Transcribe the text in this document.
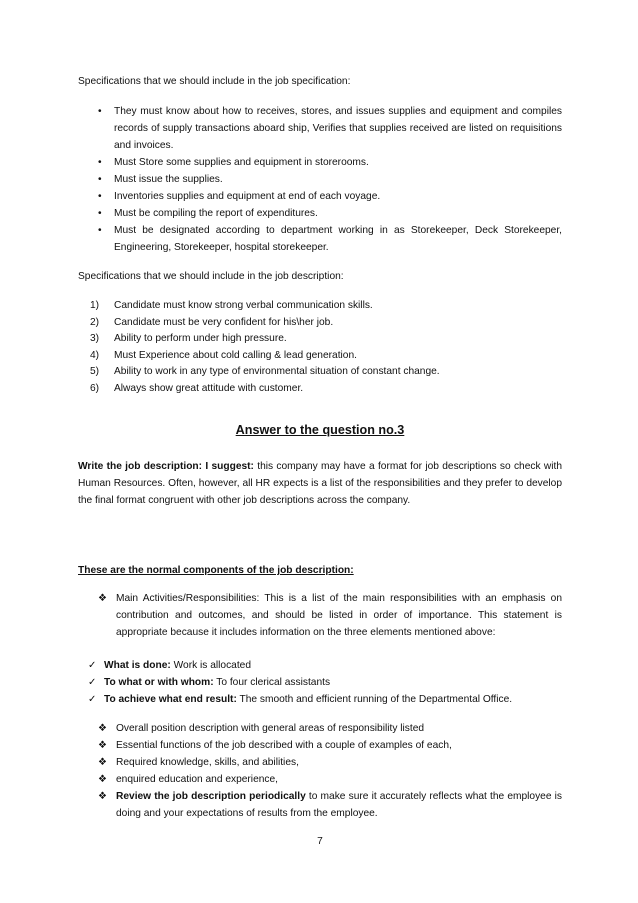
Specifications that we should include in the job specification:

•	They must know about how to receives, stores, and issues supplies and equipment and compiles records of supply transactions aboard ship, Verifies that supplies received are listed on requisitions and invoices.
•	Must Store some supplies and equipment in storerooms.
•	Must issue the supplies.
•	Inventories supplies and equipment at end of each voyage.
•	Must be compiling the report of expenditures.
•	Must be designated according to department working in as Storekeeper, Deck Storekeeper, Engineering, Storekeeper, hospital storekeeper.

Specifications that we should include in the job description:

1) Candidate must know strong verbal communication skills.
2) Candidate must be very confident for his\her job.
3) Ability to perform under high pressure.
4) Must Experience about cold calling & lead generation.
5) Ability to work in any type of environmental situation of constant change.
6) Always show great attitude with customer.
Answer to the question no.3

Write the job description: I suggest: this company may have a format for job descriptions so check with Human Resources. Often, however, all HR expects is a list of the responsibilities and they prefer to develop the final format congruent with other job descriptions across the company.

These are the normal components of the job description:

❖ Main Activities/Responsibilities: This is a list of the main responsibilities with an emphasis on contribution and outcomes, and should be listed in order of importance. This statement is appropriate because it includes information on the three elements mentioned above:
✓ What is done: Work is allocated
✓ To what or with whom: To four clerical assistants
✓ To achieve what end result: The smooth and efficient running of the Departmental Office.
❖ Overall position description with general areas of responsibility listed
❖ Essential functions of the job described with a couple of examples of each,
❖ Required knowledge, skills, and abilities,
❖ enquired education and experience,
❖ Review the job description periodically to make sure it accurately reflects what the employee is doing and your expectations of results from the employee.
7
